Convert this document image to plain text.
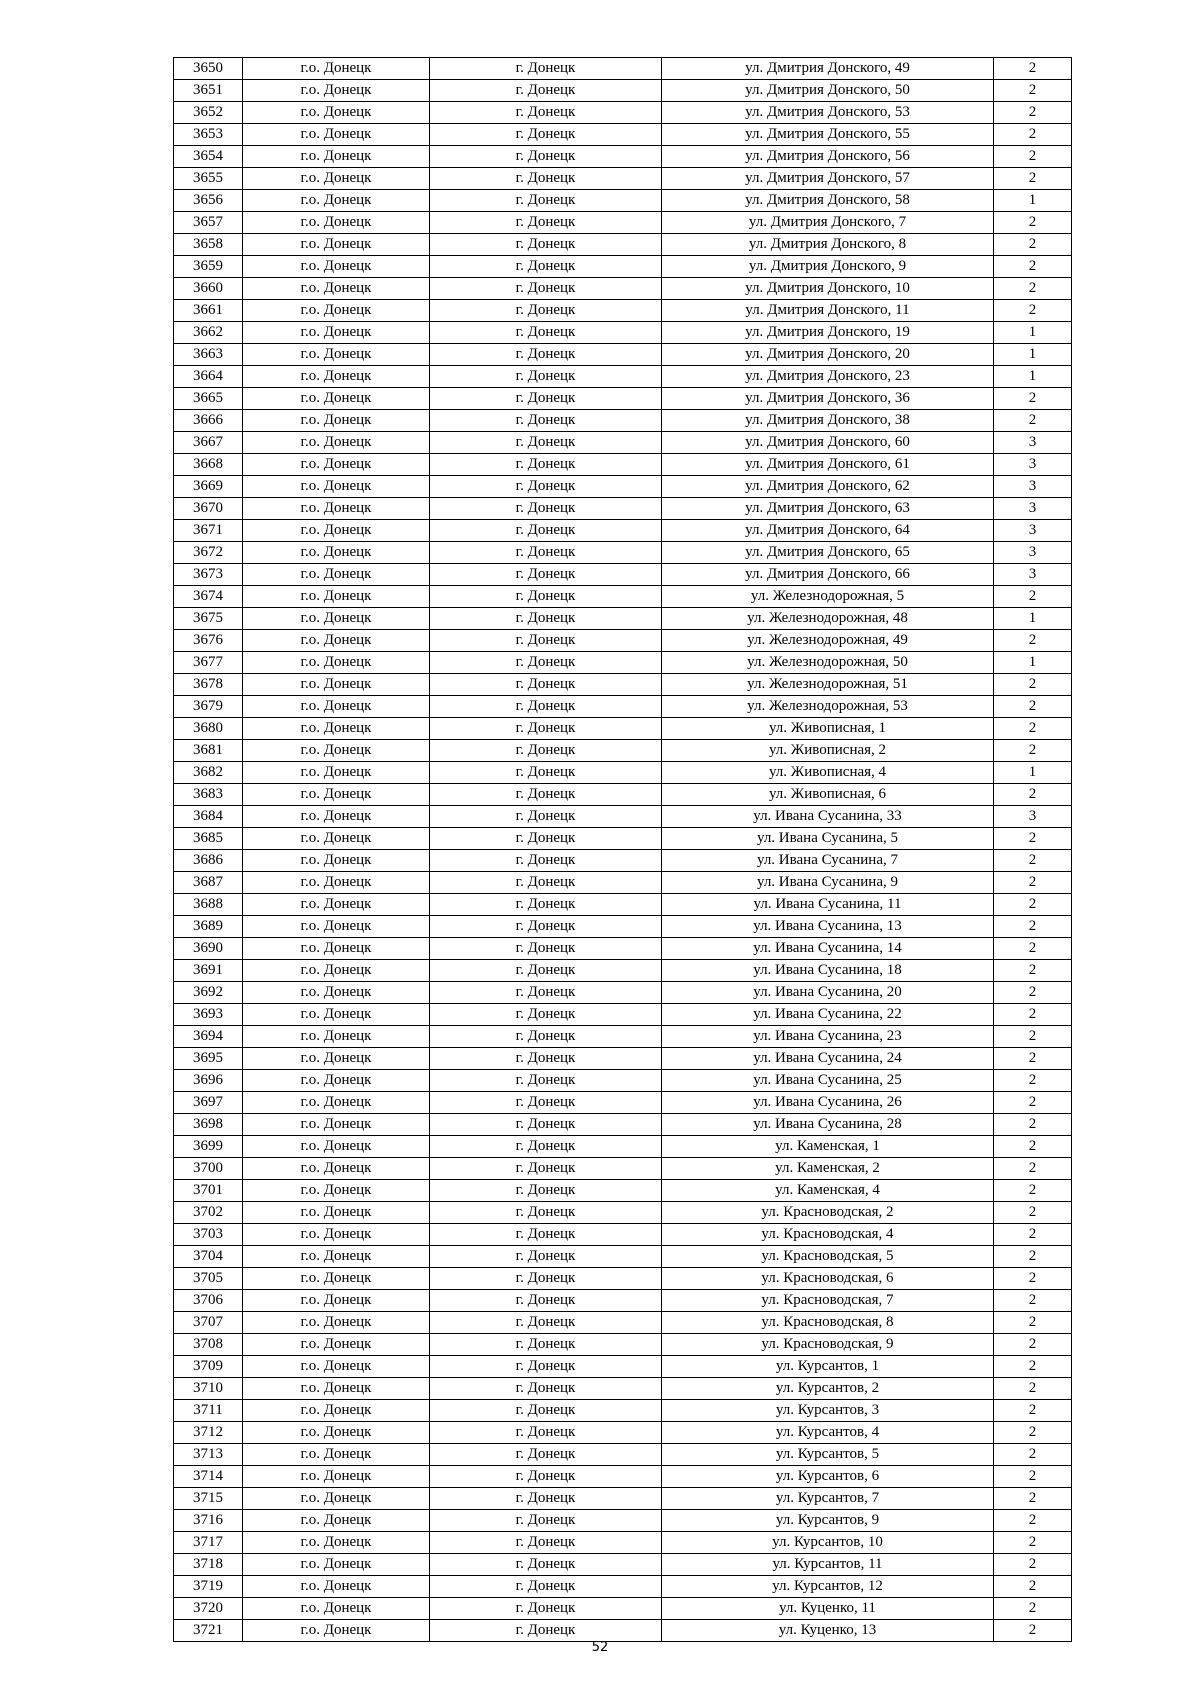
3650	г.о. Донецк	г. Донецк	ул. Дмитрия Донского, 49	2
3651	г.о. Донецк	г. Донецк	ул. Дмитрия Донского, 50	2
3652	г.о. Донецк	г. Донецк	ул. Дмитрия Донского, 53	2
3653	г.о. Донецк	г. Донецк	ул. Дмитрия Донского, 55	2
3654	г.о. Донецк	г. Донецк	ул. Дмитрия Донского, 56	2
3655	г.о. Донецк	г. Донецк	ул. Дмитрия Донского, 57	2
3656	г.о. Донецк	г. Донецк	ул. Дмитрия Донского, 58	1
3657	г.о. Донецк	г. Донецк	ул. Дмитрия Донского, 7	2
3658	г.о. Донецк	г. Донецк	ул. Дмитрия Донского, 8	2
3659	г.о. Донецк	г. Донецк	ул. Дмитрия Донского, 9	2
3660	г.о. Донецк	г. Донецк	ул. Дмитрия Донского, 10	2
3661	г.о. Донецк	г. Донецк	ул. Дмитрия Донского, 11	2
3662	г.о. Донецк	г. Донецк	ул. Дмитрия Донского, 19	1
3663	г.о. Донецк	г. Донецк	ул. Дмитрия Донского, 20	1
3664	г.о. Донецк	г. Донецк	ул. Дмитрия Донского, 23	1
3665	г.о. Донецк	г. Донецк	ул. Дмитрия Донского, 36	2
3666	г.о. Донецк	г. Донецк	ул. Дмитрия Донского, 38	2
3667	г.о. Донецк	г. Донецк	ул. Дмитрия Донского, 60	3
3668	г.о. Донецк	г. Донецк	ул. Дмитрия Донского, 61	3
3669	г.о. Донецк	г. Донецк	ул. Дмитрия Донского, 62	3
3670	г.о. Донецк	г. Донецк	ул. Дмитрия Донского, 63	3
3671	г.о. Донецк	г. Донецк	ул. Дмитрия Донского, 64	3
3672	г.о. Донецк	г. Донецк	ул. Дмитрия Донского, 65	3
3673	г.о. Донецк	г. Донецк	ул. Дмитрия Донского, 66	3
3674	г.о. Донецк	г. Донецк	ул. Железнодорожная, 5	2
3675	г.о. Донецк	г. Донецк	ул. Железнодорожная, 48	1
3676	г.о. Донецк	г. Донецк	ул. Железнодорожная, 49	2
3677	г.о. Донецк	г. Донецк	ул. Железнодорожная, 50	1
3678	г.о. Донецк	г. Донецк	ул. Железнодорожная, 51	2
3679	г.о. Донецк	г. Донецк	ул. Железнодорожная, 53	2
3680	г.о. Донецк	г. Донецк	ул. Живописная, 1	2
3681	г.о. Донецк	г. Донецк	ул. Живописная, 2	2
3682	г.о. Донецк	г. Донецк	ул. Живописная, 4	1
3683	г.о. Донецк	г. Донецк	ул. Живописная, 6	2
3684	г.о. Донецк	г. Донецк	ул. Ивана Сусанина, 33	3
3685	г.о. Донецк	г. Донецк	ул. Ивана Сусанина, 5	2
3686	г.о. Донецк	г. Донецк	ул. Ивана Сусанина, 7	2
3687	г.о. Донецк	г. Донецк	ул. Ивана Сусанина, 9	2
3688	г.о. Донецк	г. Донецк	ул. Ивана Сусанина, 11	2
3689	г.о. Донецк	г. Донецк	ул. Ивана Сусанина, 13	2
3690	г.о. Донецк	г. Донецк	ул. Ивана Сусанина, 14	2
3691	г.о. Донецк	г. Донецк	ул. Ивана Сусанина, 18	2
3692	г.о. Донецк	г. Донецк	ул. Ивана Сусанина, 20	2
3693	г.о. Донецк	г. Донецк	ул. Ивана Сусанина, 22	2
3694	г.о. Донецк	г. Донецк	ул. Ивана Сусанина, 23	2
3695	г.о. Донецк	г. Донецк	ул. Ивана Сусанина, 24	2
3696	г.о. Донецк	г. Донецк	ул. Ивана Сусанина, 25	2
3697	г.о. Донецк	г. Донецк	ул. Ивана Сусанина, 26	2
3698	г.о. Донецк	г. Донецк	ул. Ивана Сусанина, 28	2
3699	г.о. Донецк	г. Донецк	ул. Каменская, 1	2
3700	г.о. Донецк	г. Донецк	ул. Каменская, 2	2
3701	г.о. Донецк	г. Донецк	ул. Каменская, 4	2
3702	г.о. Донецк	г. Донецк	ул. Красноводская, 2	2
3703	г.о. Донецк	г. Донецк	ул. Красноводская, 4	2
3704	г.о. Донецк	г. Донецк	ул. Красноводская, 5	2
3705	г.о. Донецк	г. Донецк	ул. Красноводская, 6	2
3706	г.о. Донецк	г. Донецк	ул. Красноводская, 7	2
3707	г.о. Донецк	г. Донецк	ул. Красноводская, 8	2
3708	г.о. Донецк	г. Донецк	ул. Красноводская, 9	2
3709	г.о. Донецк	г. Донецк	ул. Курсантов, 1	2
3710	г.о. Донецк	г. Донецк	ул. Курсантов, 2	2
3711	г.о. Донецк	г. Донецк	ул. Курсантов, 3	2
3712	г.о. Донецк	г. Донецк	ул. Курсантов, 4	2
3713	г.о. Донецк	г. Донецк	ул. Курсантов, 5	2
3714	г.о. Донецк	г. Донецк	ул. Курсантов, 6	2
3715	г.о. Донецк	г. Донецк	ул. Курсантов, 7	2
3716	г.о. Донецк	г. Донецк	ул. Курсантов, 9	2
3717	г.о. Донецк	г. Донецк	ул. Курсантов, 10	2
3718	г.о. Донецк	г. Донецк	ул. Курсантов, 11	2
3719	г.о. Донецк	г. Донецк	ул. Курсантов, 12	2
3720	г.о. Донецк	г. Донецк	ул. Куценко, 11	2
3721	г.о. Донецк	г. Донецк	ул. Куценко, 13	2
52
